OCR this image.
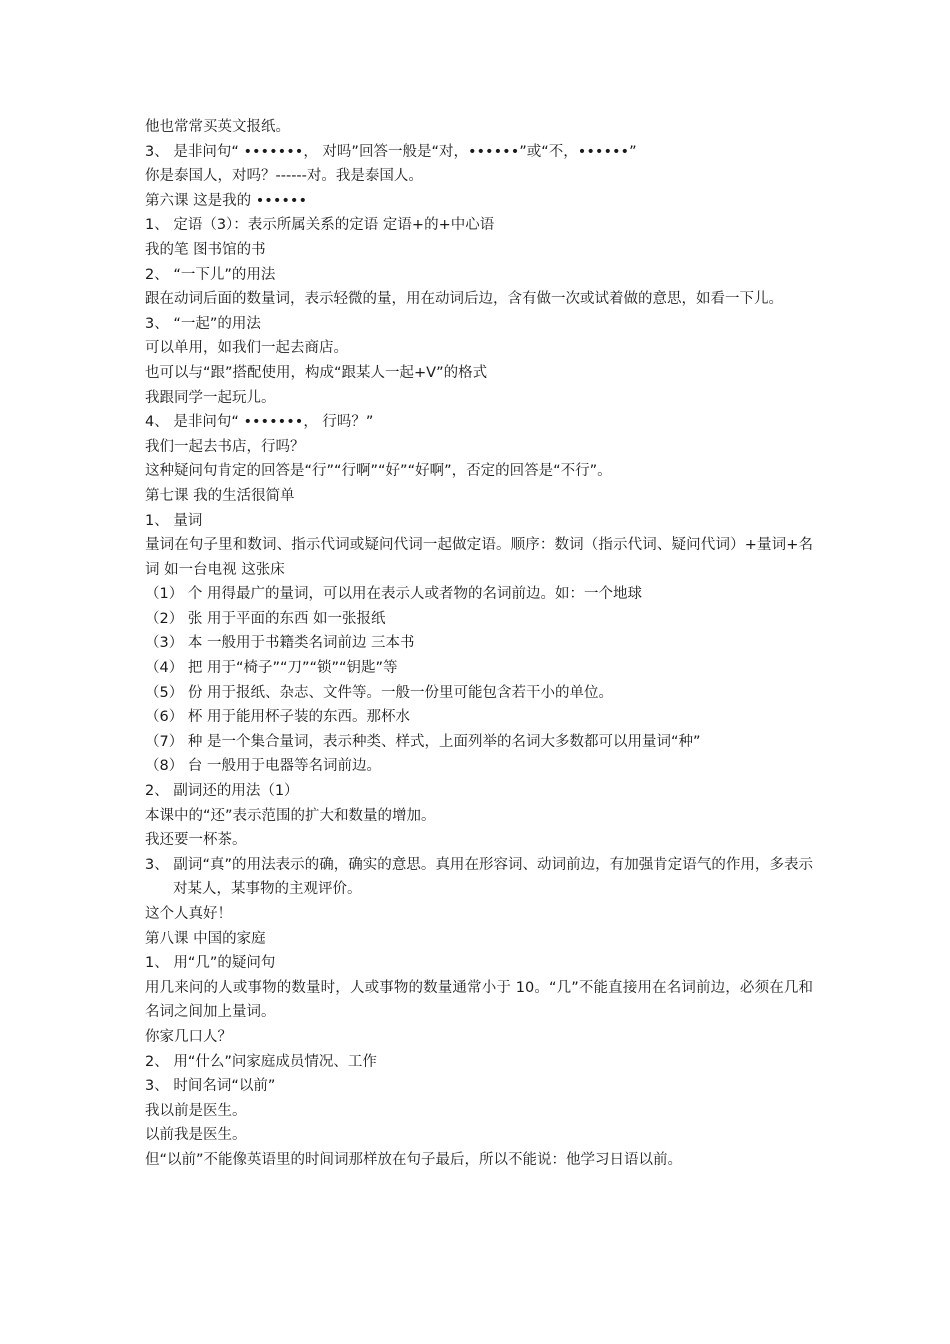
他也常常买英文报纸。
3、 是非问句“ •••••••， 对吗”回答一般是“对，••••••”或“不，••••••”
你是泰国人，对吗？------对。我是泰国人。
第六课 这是我的 ••••••
1、 定语（3）：表示所属关系的定语 定语+的+中心语
我的笔 图书馆的书
2、 “一下儿”的用法
跟在动词后面的数量词，表示轻微的量，用在动词后边，含有做一次或试着做的意思，如看一下儿。
3、 “一起”的用法
可以单用，如我们一起去商店。
也可以与“跟”搭配使用，构成“跟某人一起+V”的格式
我跟同学一起玩儿。
4、 是非问句“ •••••••， 行吗？”
我们一起去书店，行吗？
这种疑问句肯定的回答是“行”“行啊”“好”“好啊”，否定的回答是“不行”。
第七课 我的生活很简单
1、 量词
量词在句子里和数词、指示代词或疑问代词一起做定语。顺序：数词（指示代词、疑问代词）+量词+名词 如一台电视 这张床
（1） 个 用得最广的量词，可以用在表示人或者物的名词前边。如：一个地球
（2） 张 用于平面的东西 如一张报纸
（3） 本 一般用于书籍类名词前边 三本书
（4） 把 用于“椅子”“刀”“锁”“钥匙”等
（5） 份 用于报纸、杂志、文件等。一般一份里可能包含若干小的单位。
（6） 杯 用于能用杯子装的东西。那杯水
（7） 种 是一个集合量词，表示种类、样式，上面列举的名词大多数都可以用量词“种”
（8） 台 一般用于电器等名词前边。
2、 副词还的用法（1）
本课中的“还”表示范围的扩大和数量的增加。
我还要一杯茶。
3、 副词“真”的用法表示的确，确实的意思。真用在形容词、动词前边，有加强肯定语气的作用，多表示对某人，某事物的主观评价。
这个人真好！
第八课 中国的家庭
1、 用“几”的疑问句
用几来问的人或事物的数量时，人或事物的数量通常小于 10。“几”不能直接用在名词前边，必须在几和名词之间加上量词。
你家几口人？
2、 用“什么”问家庭成员情况、工作
3、 时间名词“以前”
我以前是医生。
以前我是医生。
但“以前”不能像英语里的时间词那样放在句子最后，所以不能说：他学习日语以前。
